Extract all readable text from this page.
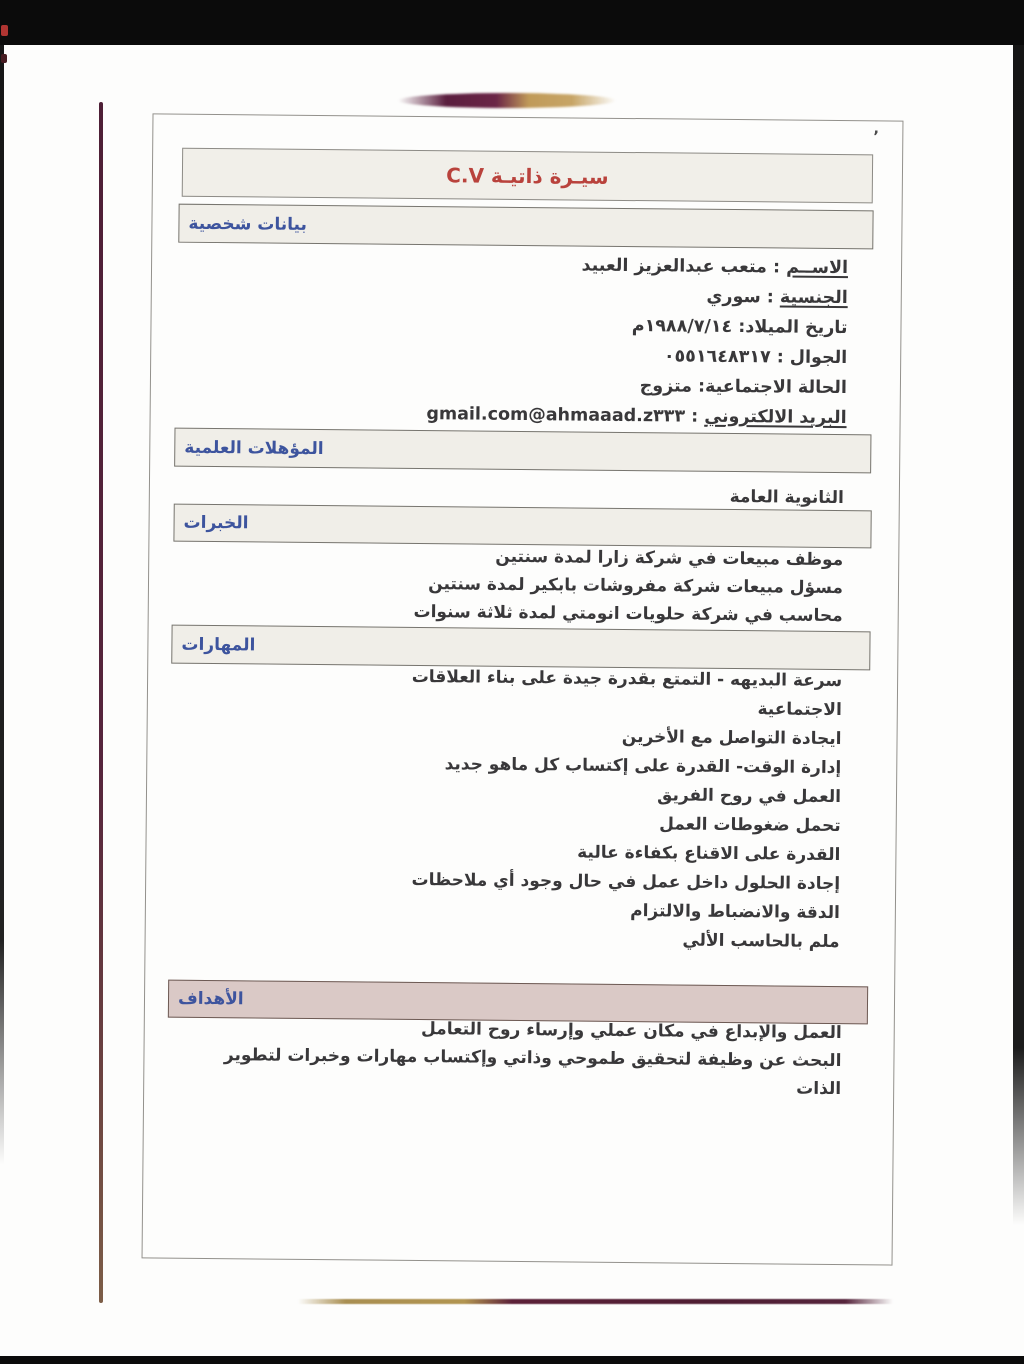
٬
سيـرة ذاتيـة C.V
بيانات شخصية
الاســم : متعب عبدالعزيز العبيد
الجنسية : سوري
تاريخ الميلاد: ١٩٨٨/٧/١٤م
الجوال : ٠٥٥١٦٤٨٣١٧
الحالة الاجتماعية: متزوج
البريد الالكتروني : ahmaaad.z٣٣٣@gmail.com
المؤهلات العلمية
الثانوية العامة
الخبرات
موظف مبيعات في شركة زارا لمدة سنتين
مسؤل مبيعات شركة مفروشات بابكير لمدة سنتين
محاسب في شركة حلويات انومتي لمدة ثلاثة سنوات
المهارات
سرعة البديهه - التمتع بقدرة جيدة على بناء العلاقات الاجتماعية
ايجادة التواصل مع الأخرين
إدارة الوقت- القدرة على إكتساب كل ماهو جديد
العمل في روح الفريق
تحمل ضغوطات العمل
القدرة على الاقناع بكفاءة عالية
إجادة الحلول داخل عمل في حال وجود أي ملاحظات
الدقة والانضباط والالتزام
ملم بالحاسب الألي
الأهداف
العمل والإبداع في مكان عملي وإرساء روح التعامل
البحث عن وظيفة لتحقيق طموحي وذاتي وإكتساب مهارات وخبرات لتطوير الذات
